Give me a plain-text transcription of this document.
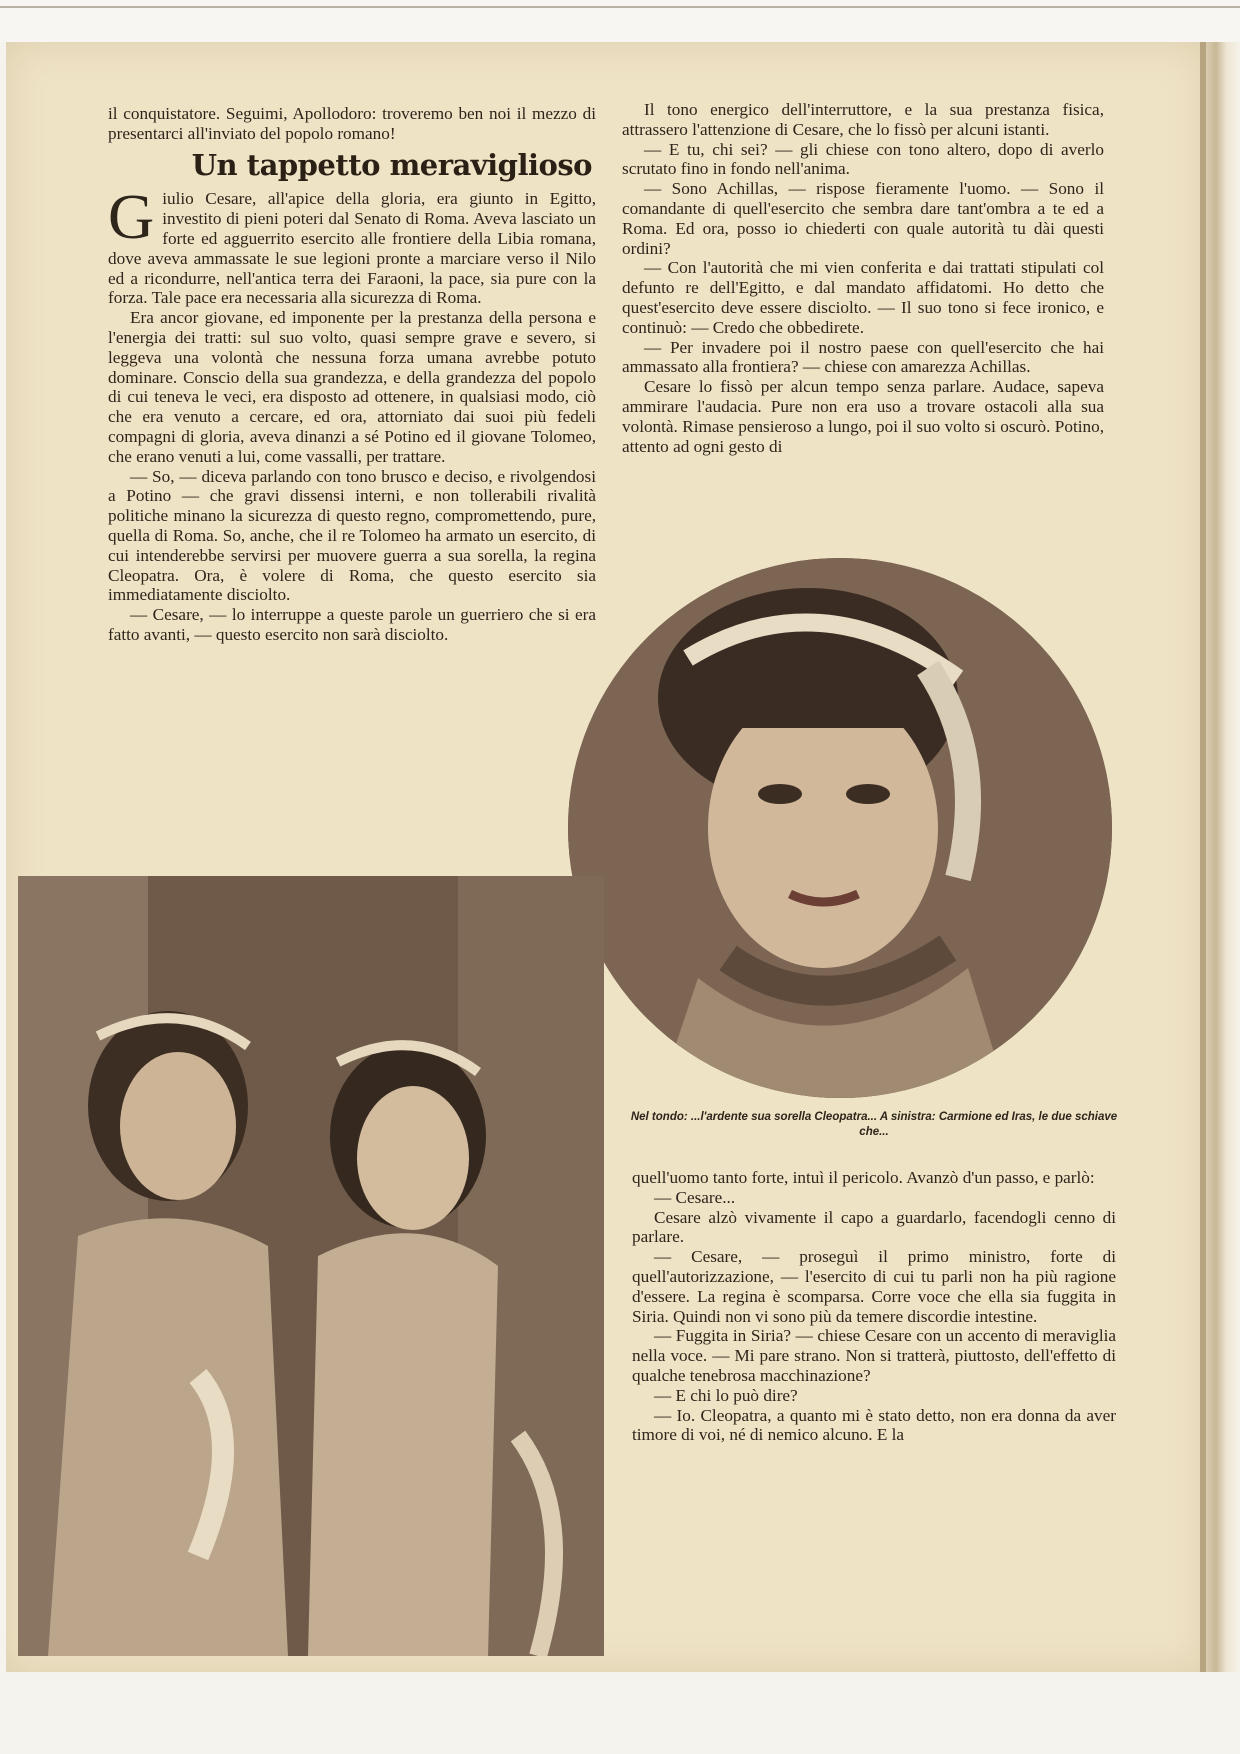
il conquistatore. Seguimi, Apollodoro: troveremo ben noi il mezzo di presentarci all'inviato del popolo romano!

Un tappetto meraviglioso

Giulio Cesare, all'apice della gloria, era giunto in Egitto, investito di pieni poteri dal Senato di Roma. Aveva lasciato un forte ed agguerrito esercito alle frontiere della Libia romana, dove aveva ammassate le sue legioni pronte a marciare verso il Nilo ed a ricondurre, nell'antica terra dei Faraoni, la pace, sia pure con la forza. Tale pace era necessaria alla sicurezza di Roma.

Era ancor giovane, ed imponente per la prestanza della persona e l'energia dei tratti: sul suo volto, quasi sempre grave e severo, si leggeva una volontà che nessuna forza umana avrebbe potuto dominare. Conscio della sua grandezza, e della grandezza del popolo di cui teneva le veci, era disposto ad ottenere, in qualsiasi modo, ciò che era venuto a cercare, ed ora, attorniato dai suoi più fedeli compagni di gloria, aveva dinanzi a sé Potino ed il giovane Tolomeo, che erano venuti a lui, come vassalli, per trattare.

— So, — diceva parlando con tono brusco e deciso, e rivolgendosi a Potino — che gravi dissensi interni, e non tollerabili rivalità politiche minano la sicurezza di questo regno, compromettendo, pure, quella di Roma. So, anche, che il re Tolomeo ha armato un esercito, di cui intenderebbe servirsi per muovere guerra a sua sorella, la regina Cleopatra. Ora, è volere di Roma, che questo esercito sia immediatamente disciolto.

— Cesare, — lo interruppe a queste parole un guerriero che si era fatto avanti, — questo esercito non sarà disciolto.

Il tono energico dell'interruttore, e la sua prestanza fisica, attrassero l'attenzione di Cesare, che lo fissò per alcuni istanti.

— E tu, chi sei? — gli chiese con tono altero, dopo di averlo scrutato fino in fondo nell'anima.

— Sono Achillas, — rispose fieramente l'uomo. — Sono il comandante di quell'esercito che sembra dare tant'ombra a te ed a Roma. Ed ora, posso io chiederti con quale autorità tu dài questi ordini?

— Con l'autorità che mi vien conferita e dai trattati stipulati col defunto re dell'Egitto, e dal mandato affidatomi. Ho detto che quest'esercito deve essere disciolto. — Il suo tono si fece ironico, e continuò: — Credo che obbedirete.

— Per invadere poi il nostro paese con quell'esercito che hai ammassato alla frontiera? — chiese con amarezza Achillas.

Cesare lo fissò per alcun tempo senza parlare. Audace, sapeva ammirare l'audacia. Pure non era uso a trovare ostacoli alla sua volontà. Rimase pensieroso a lungo, poi il suo volto si oscurò. Potino, attento ad ogni gesto di

Nel tondo: ...l'ardente sua sorella Cleopatra... A sinistra: Carmione ed Iras, le due schiave che...

quell'uomo tanto forte, intuì il pericolo. Avanzò d'un passo, e parlò:

— Cesare...

Cesare alzò vivamente il capo a guardarlo, facendogli cenno di parlare.

— Cesare, — proseguì il primo ministro, forte di quell'autorizzazione, — l'esercito di cui tu parli non ha più ragione d'essere. La regina è scomparsa. Corre voce che ella sia fuggita in Siria. Quindi non vi sono più da temere discordie intestine.

— Fuggita in Siria? — chiese Cesare con un accento di meraviglia nella voce. — Mi pare strano. Non si tratterà, piuttosto, dell'effetto di qualche tenebrosa macchinazione?

— E chi lo può dire?

— Io. Cleopatra, a quanto mi è stato detto, non era donna da aver timore di voi, né di nemico alcuno. E la
